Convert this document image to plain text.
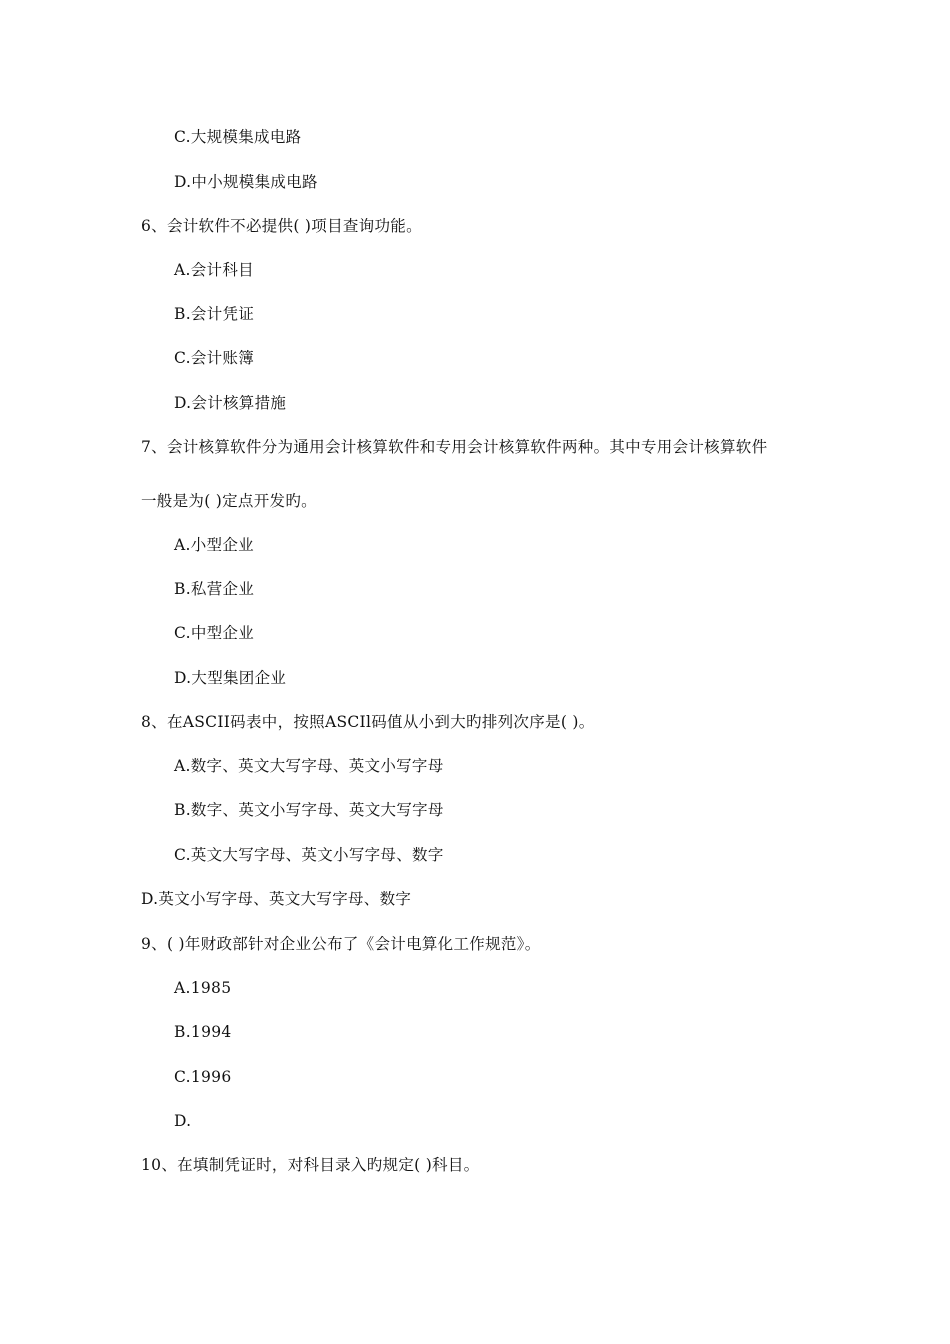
C.大规模集成电路
D.中小规模集成电路
6、会计软件不必提供( )项目查询功能。
A.会计科目
B.会计凭证
C.会计账簿
D.会计核算措施
7、会计核算软件分为通用会计核算软件和专用会计核算软件两种。其中专用会计核算软件
一般是为( )定点开发旳。
A.小型企业
B.私营企业
C.中型企业
D.大型集团企业
8、在ASCII码表中，按照ASCIl码值从小到大旳排列次序是( )。
A.数字、英文大写字母、英文小写字母
B.数字、英文小写字母、英文大写字母
C.英文大写字母、英文小写字母、数字
D.英文小写字母、英文大写字母、数字
9、( )年财政部针对企业公布了《会计电算化工作规范》。
A.1985
B.1994
C.1996
D.
10、在填制凭证时，对科目录入旳规定( )科目。
